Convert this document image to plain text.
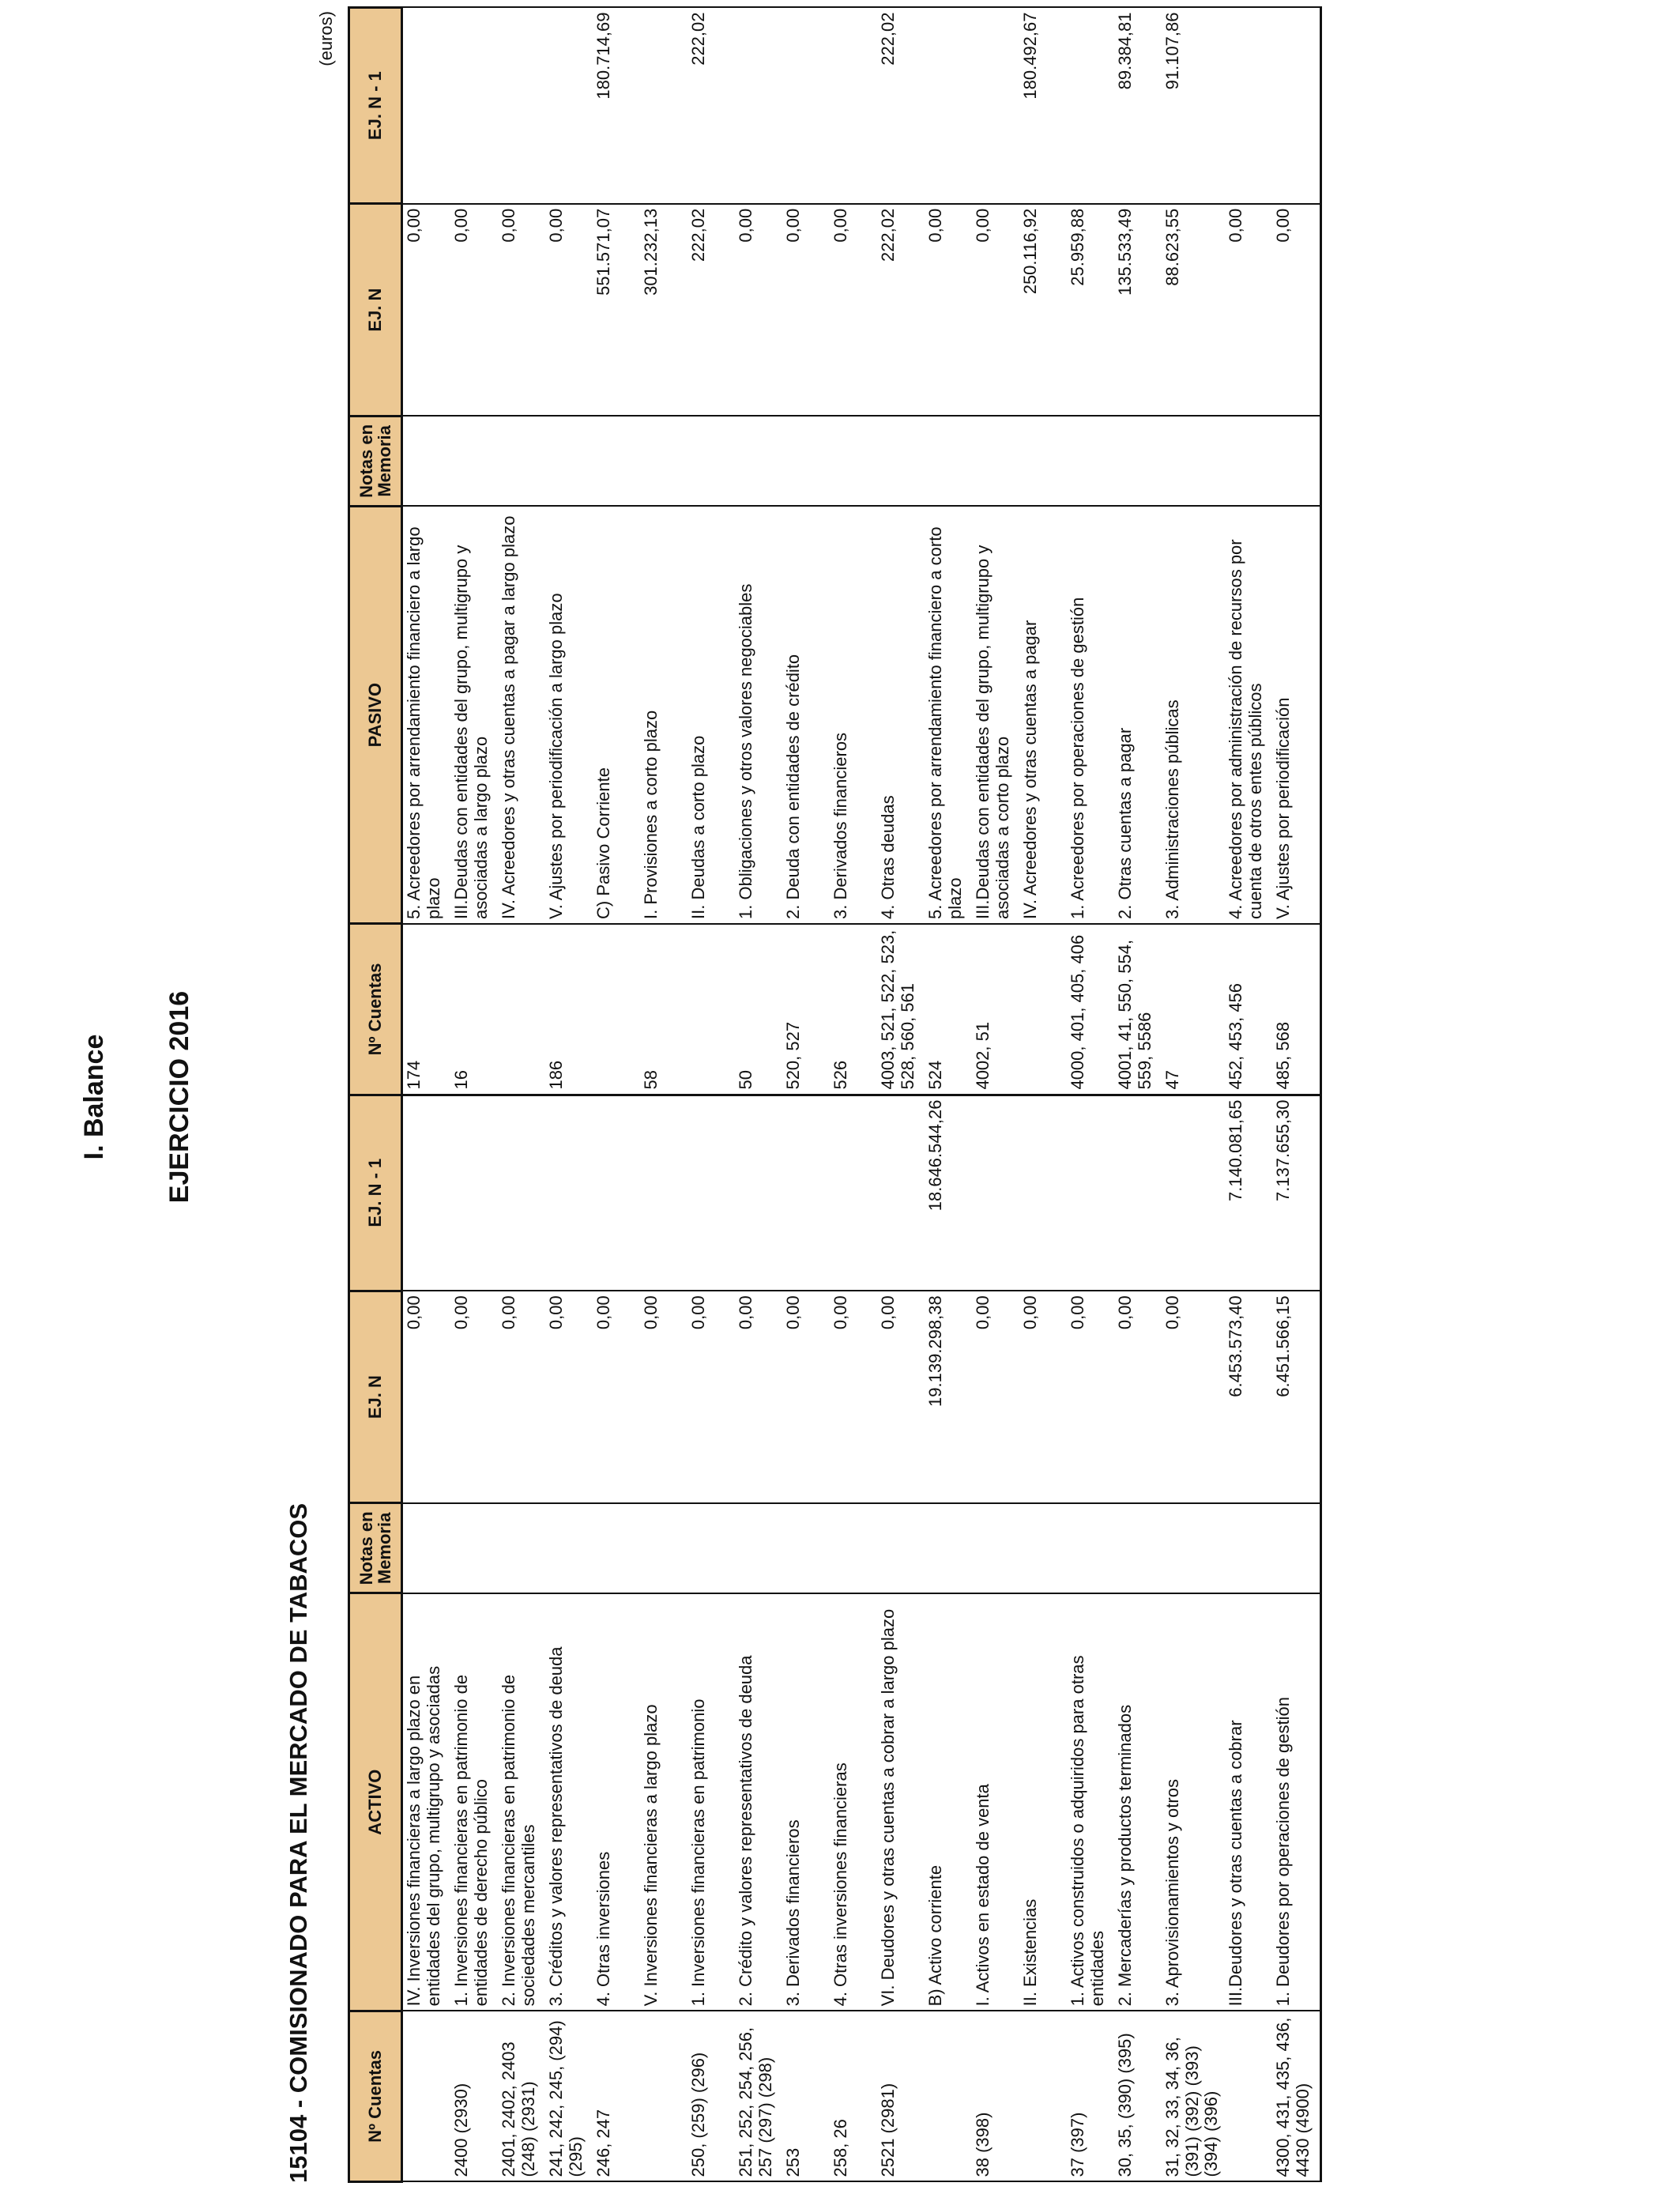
I. Balance EJERCICIO 2016
15104 - COMISIONADO PARA EL MERCADO DE TABACOS
(euros)
Nº Cuentas	ACTIVO	Notas en Memoria	EJ. N	EJ. N - 1	Nº Cuentas	PASIVO	Notas en Memoria	EJ. N	EJ. N - 1
	IV. Inversiones financieras a largo plazo en entidades del grupo, multigrupo y asociadas		0,00		174	5. Acreedores por arrendamiento financiero a largo plazo		0,00	
2400 (2930)	1. Inversiones financieras en patrimonio de entidades de derecho público		0,00		16	III.Deudas con entidades del grupo, multigrupo y asociadas a largo plazo		0,00	
2401, 2402, 2403 (248) (2931)	2. Inversiones financieras en patrimonio de sociedades mercantiles		0,00			IV. Acreedores y otras cuentas a pagar a largo plazo		0,00	
241, 242, 245, (294) (295)	3. Créditos y valores representativos de deuda		0,00		186	V. Ajustes por periodificación a largo plazo		0,00	
246, 247	4. Otras inversiones		0,00			C) Pasivo Corriente		551.571,07	180.714,69
	V. Inversiones financieras a largo plazo		0,00		58	I. Provisiones a corto plazo		301.232,13	
250, (259) (296)	1. Inversiones financieras en patrimonio		0,00			II. Deudas a corto plazo		222,02	222,02
251, 252, 254, 256, 257 (297) (298)	2. Crédito y valores representativos de deuda		0,00		50	1. Obligaciones y otros valores negociables		0,00	
253	3. Derivados financieros		0,00		520, 527	2. Deuda con entidades de crédito		0,00	
258, 26	4. Otras inversiones financieras		0,00		526	3. Derivados financieros		0,00	
2521 (2981)	VI. Deudores y otras cuentas a cobrar a largo plazo		0,00		4003, 521, 522, 523, 528, 560, 561	4. Otras deudas		222,02	222,02
	B) Activo corriente		19.139.298,38	18.646.544,26	524	5. Acreedores por arrendamiento financiero a corto plazo		0,00	
38 (398)	I. Activos en estado de venta		0,00		4002, 51	III.Deudas con entidades del grupo, multigrupo y asociadas a corto plazo		0,00	
	II. Existencias		0,00			IV. Acreedores y otras cuentas a pagar		250.116,92	180.492,67
37 (397)	1. Activos construidos o adquiridos para otras entidades		0,00		4000, 401, 405, 406	1. Acreedores por operaciones de gestión		25.959,88	
30, 35, (390) (395)	2. Mercaderías y productos terminados		0,00		4001, 41, 550, 554, 559, 5586	2. Otras cuentas a pagar		135.533,49	89.384,81
31, 32, 33, 34, 36, (391) (392) (393) (394) (396)	3. Aprovisionamientos y otros		0,00		47	3. Administraciones públicas		88.623,55	91.107,86
	III.Deudores y otras cuentas a cobrar		6.453.573,40	7.140.081,65	452, 453, 456	4. Acreedores por administración de recursos por cuenta de otros entes públicos		0,00	
4300, 431, 435, 436, 4430 (4900)	1. Deudores por operaciones de gestión		6.451.566,15	7.137.655,30	485, 568	V. Ajustes por periodificación		0,00	
